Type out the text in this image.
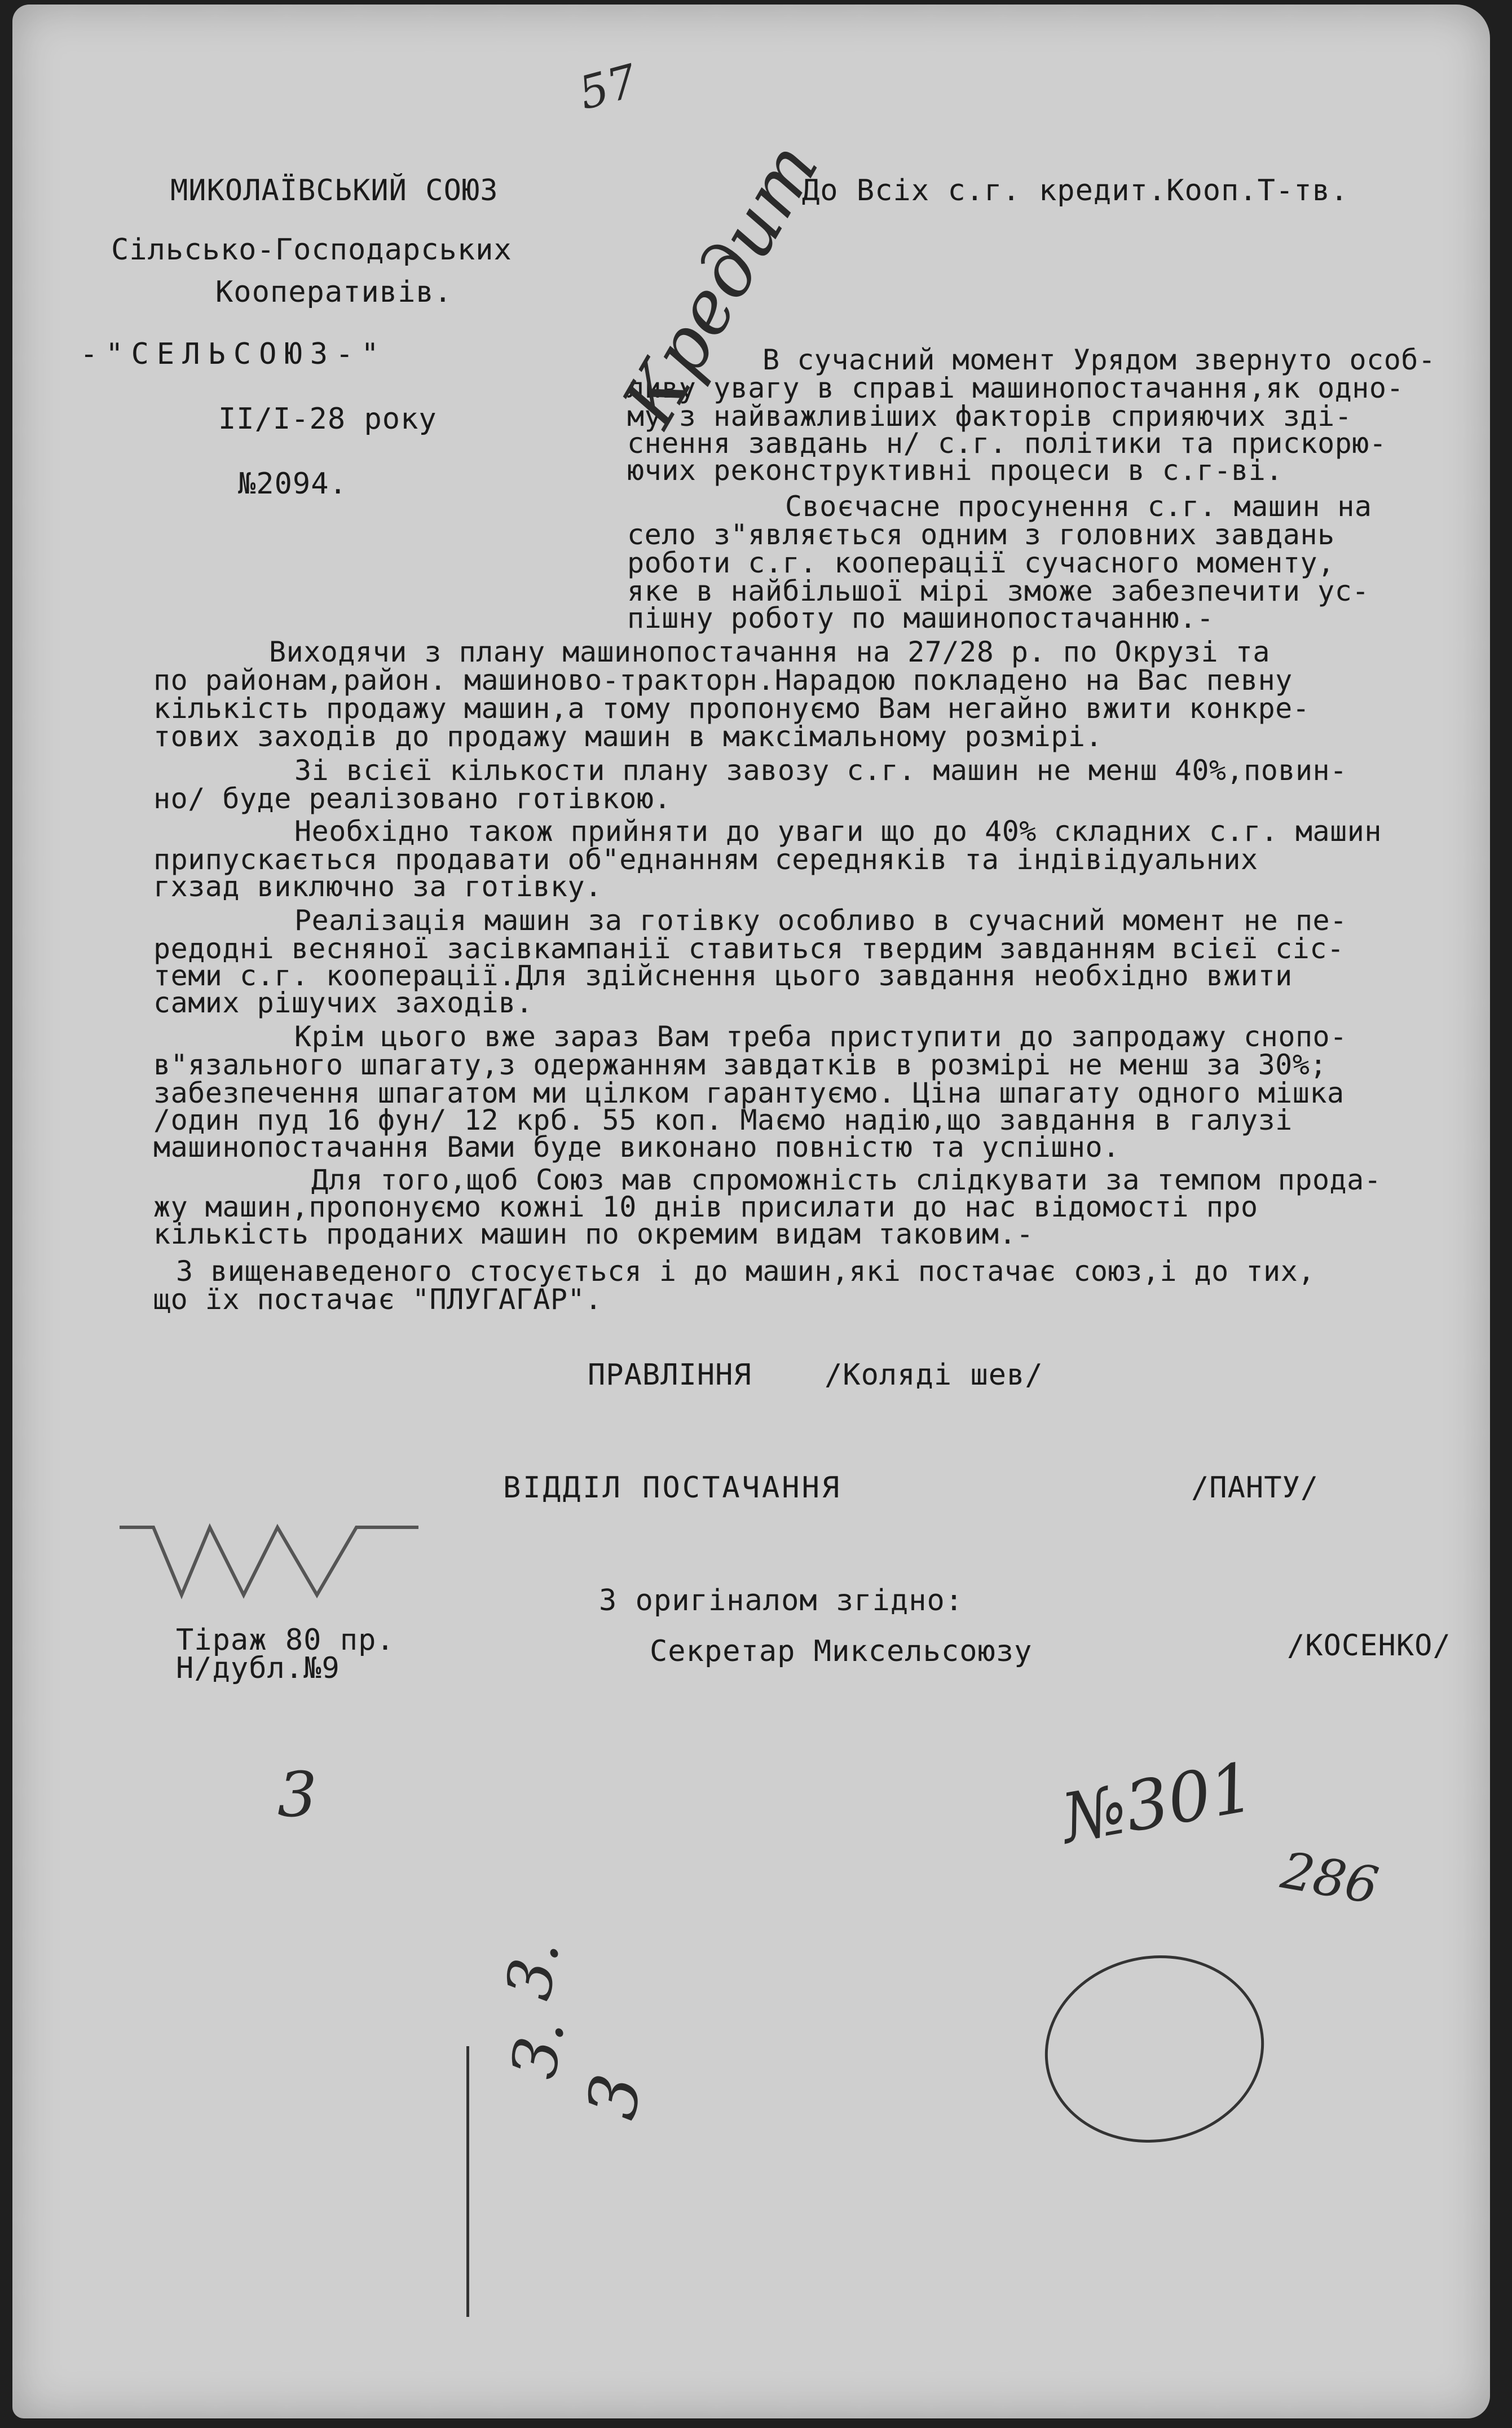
МИКОЛАЇВСЬКИЙ СОЮЗ
Сільсько-Господарських
Кооперативів.
-"СЕЛЬСОЮЗ-"
II/I-28 року
№2094.
До Всіх с.г. кредит.Кооп.Т-тв.
В сучасний момент Урядом звернуто особ-
ливу увагу в справі машинопостачання,як одно-
му з найважливіших факторів сприяючих зді-
снення завдань н/ с.г. політики та прискорю-
ючих реконструктивні процеси в с.г-ві.
Своєчасне просунення с.г. машин на
село з"являється одним з головних завдань
роботи с.г. кооперації сучасного моменту,
яке в найбільшої мірі зможе забезпечити ус-
пішну роботу по машинопостачанню.-
Виходячи з плану машинопостачання на 27/28 р. по Окрузі та
по районам,район. машиново-тракторн.Нарадою покладено на Вас певну
кількість продажу машин,а тому пропонуємо Вам негайно вжити конкре-
тових заходів до продажу машин в максімальному розмірі.
Зі всієї кількости плану завозу с.г. машин не менш 40%,повин-
но/ буде реалізовано готівкою.
Необхідно також прийняти до уваги що до 40% складних с.г. машин
припускається продавати об"еднанням середняків та індівідуальних
гхзад виключно за готівку.
Реалізація машин за готівку особливо в сучасний момент не пе-
редодні весняної засівкампанії ставиться твердим завданням всієї сіс-
теми с.г. кооперації.Для здійснення цього завдання необхідно вжити
самих рішучих заходів.
Крім цього вже зараз Вам треба приступити до запродажу снопо-
в"язального шпагату,з одержанням завдатків в розмірі не менш за 30%;
забезпечення шпагатом ми цілком гарантуємо. Ціна шпагату одного мішка
/один пуд 16 фун/ 12 крб. 55 коп. Маємо надію,що завдання в галузі
машинопостачання Вами буде виконано повністю та успішно.
Для того,щоб Союз мав спроможність слідкувати за темпом прода-
жу машин,пропонуємо кожні 10 днів присилати до нас відомості про
кількість проданих машин по окремим видам таковим.-
З вищенаведеного стосується і до машин,які постачає союз,і до тих,
що їх постачає "ПЛУГАГАР".
ПРАВЛІННЯ /Коляді шев/
ВІДДІЛ ПОСТАЧАННЯ	/ПАНТУ/
З оригіналом згідно:
Тіраж 80 пр.	Секретар Миксельсоюзу	/КОСЕНКО/
Н/дубл.№9
57
Кредит
№301
286
3
3.
З.
3
